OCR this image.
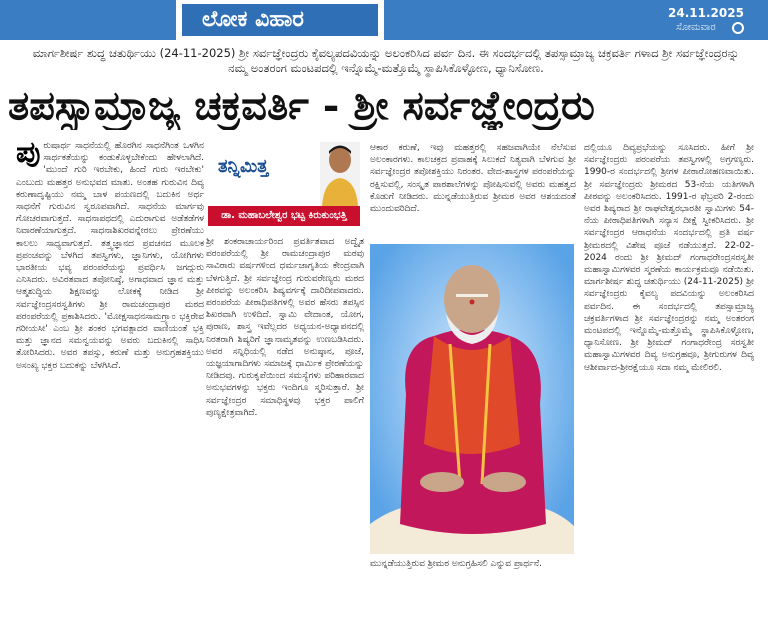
ಲೋಕ ವಿಹಾರ	24.11.2025
ಸೋಮವಾರ
ಮಾರ್ಗಶೀರ್ಷ ಶುದ್ಧ ಚತುರ್ಥಿಯು (24-11-2025) ಶ್ರೀ ಸರ್ವಜ್ಞೇಂದ್ರರು ಕೈವಲ್ಯಪದವಿಯನ್ನು ಅಲಂಕರಿಸಿದ ಪರ್ವ ದಿನ. ಈ ಸಂದರ್ಭದಲ್ಲಿ ತಪಸ್ಸಾಮ್ರಾಜ್ಯ ಚಕ್ರವರ್ತಿ ಗಳಾದ ಶ್ರೀ ಸರ್ವಜ್ಞೇಂದ್ರರನ್ನು ನಮ್ಮ ಅಂತರಂಗ ಮಂಟಪದಲ್ಲಿ ಇನ್ನೊಮ್ಮೆ-ಮತ್ತೊಮ್ಮೆ ಸ್ಥಾಪಿಸಿಕೊಳ್ಳೋಣ, ಧ್ಯಾನಿಸೋಣ.
ತಪಸ್ಸಾಮ್ರಾಜ್ಯ ಚಕ್ರವರ್ತಿ - ಶ್ರೀ ಸರ್ವಜ್ಞೇಂದ್ರರು
ಪು ರುಷಾರ್ಥ ಸಾಧನೆಯಲ್ಲಿ ಹೊರಗಿನ ಸಾಧನೆಗಿಂತ ಒಳಗಿನ ಸಾರ್ಥಕತೆಯನ್ನು ಕಂಡುಕೊಳ್ಳಬೇಕೆಂದು ಹೇಳಲಾಗಿದೆ. 'ಮುಂದೆ ಗುರಿ ಇರಬೇಕು, ಹಿಂದೆ ಗುರು ಇರಬೇಕು' ಎಂಬುದು ಮಹತ್ತರ ಅನುಭವದ ಮಾತು. ಅಂತಹ ಗುರುವಿನ ದಿವ್ಯ ಕರುಣಾದೃಷ್ಟಿಯು ನಮ್ಮ ಬಾಳ ಪಯಣದಲ್ಲಿ ಬದುಕಿನ ಅರ್ಥ ಸಾಧನೆಗೆ ಗುರುವಿನ ಸ್ವರೂಪವಾಗಿದೆ. ಸಾಧನೆಯ ಮಾರ್ಗವು ಗೋಚರವಾಗುತ್ತದೆ. ಸಾಧನಾಪಥದಲ್ಲಿ ಎದುರಾಗುವ ಅಡೆತಡೆಗಳ ನಿವಾರಣೆಯಾಗುತ್ತದೆ. ಸಾಧನಾಶಿಖರವನ್ನೇರಲು ಪ್ರೇರಣೆಯು ಕಾಲಲು ಸಾಧ್ಯವಾಗುತ್ತದೆ. ತತ್ತ್ವಜ್ಞಾನದ ಪ್ರವಚನದ ಮೂಲಕ ಪ್ರಪಂಚವನ್ನು ಬೆಳಗಿದ ತಪಸ್ವಿಗಳು, ಜ್ಞಾನಿಗಳು, ಯೋಗಿಗಳು ಭಾರತೀಯ ಭವ್ಯ ಪರಂಪರೆಯನ್ನು ಪ್ರವರ್ಧಿಸಿ ಜಗದ್ಗುರು ಎನಿಸಿದರು. ಅವಿರತವಾದ ತಪೋನಿಷ್ಠೆ, ಅಗಾಧವಾದ ಜ್ಞಾನ ಮತ್ತು ಆತ್ಮಶುದ್ಧಿಯ ಶಿಕ್ಷಣವನ್ನು ಲೋಕಕ್ಕೆ ನೀಡಿದ ಶ್ರೀ ಸರ್ವಜ್ಞೇಂದ್ರಸರಸ್ವತಿಗಳು ಶ್ರೀ ರಾಮಚಂದ್ರಾಪುರ ಮಠದ ಪರಂಪರೆಯಲ್ಲಿ ಪ್ರಕಾಶಿಸಿದರು. 'ಮೋಕ್ಷಸಾಧನಸಾಮಗ್ರ್ಯಾಂ ಭಕ್ತಿರೇವ ಗರೀಯಸೀ' ಎಂಬ ಶ್ರೀ ಶಂಕರ ಭಗವತ್ಪಾದರ ವಾಣಿಯಂತೆ ಭಕ್ತಿ ಮತ್ತು ಜ್ಞಾನದ ಸಮನ್ವಯವನ್ನು ಅವರು ಬದುಕಿನಲ್ಲಿ ಸಾಧಿಸಿ ತೋರಿಸಿದರು. ಅವರ ತಪಸ್ಸು, ಕರುಣೆ ಮತ್ತು ಅನುಗ್ರಹಶಕ್ತಿಯು ಅಸಂಖ್ಯ ಭಕ್ತರ ಬದುಕನ್ನು ಬೆಳಗಿಸಿದೆ.
ತನ್ನಿಮಿತ್ತ
ಡಾ. ಮಹಾಬಲೇಶ್ವರ ಭಟ್ಟ ಕಿರುಕುಂಭತ್ತಿ
ಶ್ರೀ ಶಂಕರಾಚಾರ್ಯರಿಂದ ಪ್ರವರ್ತಿತವಾದ ಅದ್ವೈತ ಪರಂಪರೆಯಲ್ಲಿ ಶ್ರೀ ರಾಮಚಂದ್ರಾಪುರ ಮಠವು ಸಾವಿರಾರು ವರ್ಷಗಳಿಂದ ಧರ್ಮಜಾಗೃತಿಯ ಕೇಂದ್ರವಾಗಿ ಬೆಳಗುತ್ತಿದೆ. ಶ್ರೀ ಸರ್ವಜ್ಞೇಂದ್ರ ಗುರುವರೇಣ್ಯರು ಮಠದ ಪೀಠವನ್ನು ಅಲಂಕರಿಸಿ ಶಿಷ್ಯವರ್ಗಕ್ಕೆ ದಾರಿದೀಪವಾದರು. ಪರಂಪರೆಯ ಪೀಠಾಧಿಪತಿಗಳಲ್ಲಿ ಅವರ ಹೆಸರು ತಪಸ್ಸಿನ ಶಿಖರವಾಗಿ ಉಳಿದಿದೆ. ಸ್ವಾಮಿ ವೇದಾಂತ, ಯೋಗ, ಪುರಾಣ, ಶಾಸ್ತ್ರ ಇವೆಲ್ಲದರ ಅಧ್ಯಯನ-ಅಧ್ಯಾಪನದಲ್ಲಿ ನಿರತರಾಗಿ ಶಿಷ್ಯರಿಗೆ ಜ್ಞಾನಾಮೃತವನ್ನು ಉಣಬಡಿಸಿದರು. ಅವರ ಸನ್ನಿಧಿಯಲ್ಲಿ ನಡೆದ ಅನುಷ್ಠಾನ, ಪೂಜೆ, ಯಜ್ಞಯಾಗಾದಿಗಳು ಸಮಾಜಕ್ಕೆ ಧಾರ್ಮಿಕ ಪ್ರೇರಣೆಯನ್ನು ನೀಡಿದವು. ಗುರುಕೃಪೆಯಿಂದ ಸಮಸ್ಯೆಗಳು ಪರಿಹಾರವಾದ ಅನುಭವಗಳನ್ನು ಭಕ್ತರು ಇಂದಿಗೂ ಸ್ಮರಿಸುತ್ತಾರೆ. ಶ್ರೀ ಸರ್ವಜ್ಞೇಂದ್ರರ ಸಮಾಧಿಸ್ಥಳವು ಭಕ್ತರ ಪಾಲಿಗೆ ಪುಣ್ಯಕ್ಷೇತ್ರವಾಗಿದೆ.
ಆಕಾರ ಕರುಣೆ, ಇವು ಮಹತ್ತರಲ್ಲಿ ಸಹಜವಾಗಿಯೇ ನೆಲೆಸುವ ಅಲಂಕಾರಗಳು. ಕಾಲಚಕ್ರದ ಪ್ರವಾಹಕ್ಕೆ ಸಿಲುಕದೆ ನಿತ್ಯವಾಗಿ ಬೆಳಗುವ ಶ್ರೀ ಸರ್ವಜ್ಞೇಂದ್ರರ ತಪೋಶಕ್ತಿಯು ನಿರಂತರ. ವೇದ-ಶಾಸ್ತ್ರಗಳ ಪರಂಪರೆಯನ್ನು ರಕ್ಷಿಸುವಲ್ಲಿ, ಸಂಸ್ಕೃತ ಪಾಠಶಾಲೆಗಳನ್ನು ಪೋಷಿಸುವಲ್ಲಿ ಅವರು ಮಹತ್ವದ ಕೊಡುಗೆ ನೀಡಿದರು. ಮುನ್ನಡೆಯುತ್ತಿರುವ ಶ್ರೀಮಠ ಅವರ ಆಶಯದಂತೆ ಮುಂದುವರಿದಿದೆ.
ಮುನ್ನಡೆಯುತ್ತಿರುವ ಶ್ರೀಮಠ ಅನುಗ್ರಹಿಸಲಿ ಎನ್ನುವ ಪ್ರಾರ್ಥನೆ.
ದಲ್ಲಿಯೂ ದಿವ್ಯಪ್ರಭೆಯನ್ನು ಸೂಸಿದರು. ಹೀಗೆ ಶ್ರೀ ಸರ್ವಜ್ಞೇಂದ್ರರು ಪರಂಪರೆಯ ತಪಸ್ವಿಗಳಲ್ಲಿ ಅಗ್ರಗಣ್ಯರು. 1990-ರ ಸಂದರ್ಭದಲ್ಲಿ ಶ್ರೀಗಳ ಪೀಠಾರೋಹಣವಾಯಿತು. ಶ್ರೀ ಸರ್ವಜ್ಞೇಂದ್ರರು ಶ್ರೀಮಠದ 53-ನೆಯ ಯತಿಗಳಾಗಿ ಪೀಠವನ್ನು ಅಲಂಕರಿಸಿದರು. 1991-ರ ಫೆಬ್ರವರಿ 2-ರಂದು ಅವರ ಶಿಷ್ಯರಾದ ಶ್ರೀ ರಾಘವೇಶ್ವರಭಾರತೀ ಸ್ವಾಮಿಗಳು 54-ನೆಯ ಪೀಠಾಧಿಪತಿಗಳಾಗಿ ಸನ್ಯಾಸ ದೀಕ್ಷೆ ಸ್ವೀಕರಿಸಿದರು. ಶ್ರೀ ಸರ್ವಜ್ಞೇಂದ್ರರ ಆರಾಧನೆಯ ಸಂದರ್ಭದಲ್ಲಿ ಪ್ರತಿ ವರ್ಷ ಶ್ರೀಮಠದಲ್ಲಿ ವಿಶೇಷ ಪೂಜೆ ನಡೆಯುತ್ತದೆ. 22-02-2024 ರಂದು ಶ್ರೀ ಶ್ರೀಮದ್ ಗಂಗಾಧರೇಂದ್ರಸರಸ್ವತೀ ಮಹಾಸ್ವಾಮಿಗಳವರ ಸ್ಮರಣೆಯ ಕಾರ್ಯಕ್ರಮವೂ ನಡೆಯಿತು. ಮಾರ್ಗಶೀರ್ಷ ಶುದ್ಧ ಚತುರ್ಥಿಯು (24-11-2025) ಶ್ರೀ ಸರ್ವಜ್ಞೇಂದ್ರರು ಕೈವಲ್ಯ ಪದವಿಯನ್ನು ಅಲಂಕರಿಸಿದ ಪರ್ವದಿನ. ಈ ಸಂದರ್ಭದಲ್ಲಿ ತಪಸ್ಸಾಮ್ರಾಜ್ಯ ಚಕ್ರವರ್ತಿಗಳಾದ ಶ್ರೀ ಸರ್ವಜ್ಞೇಂದ್ರರನ್ನು ನಮ್ಮ ಅಂತರಂಗ ಮಂಟಪದಲ್ಲಿ ಇನ್ನೊಮ್ಮೆ-ಮತ್ತೊಮ್ಮೆ ಸ್ಥಾಪಿಸಿಕೊಳ್ಳೋಣ, ಧ್ಯಾನಿಸೋಣ. ಶ್ರೀ ಶ್ರೀಮದ್ ಗಂಗಾಧರೇಂದ್ರ ಸರಸ್ವತೀ ಮಹಾಸ್ವಾಮಿಗಳವರ ದಿವ್ಯ ಅನುಗ್ರಹವೂ, ಶ್ರೀಗುರುಗಳ ದಿವ್ಯ ಆಶೀರ್ವಾದ-ಶ್ರೀರಕ್ಷೆಯೂ ಸದಾ ನಮ್ಮ ಮೇಲಿರಲಿ.
